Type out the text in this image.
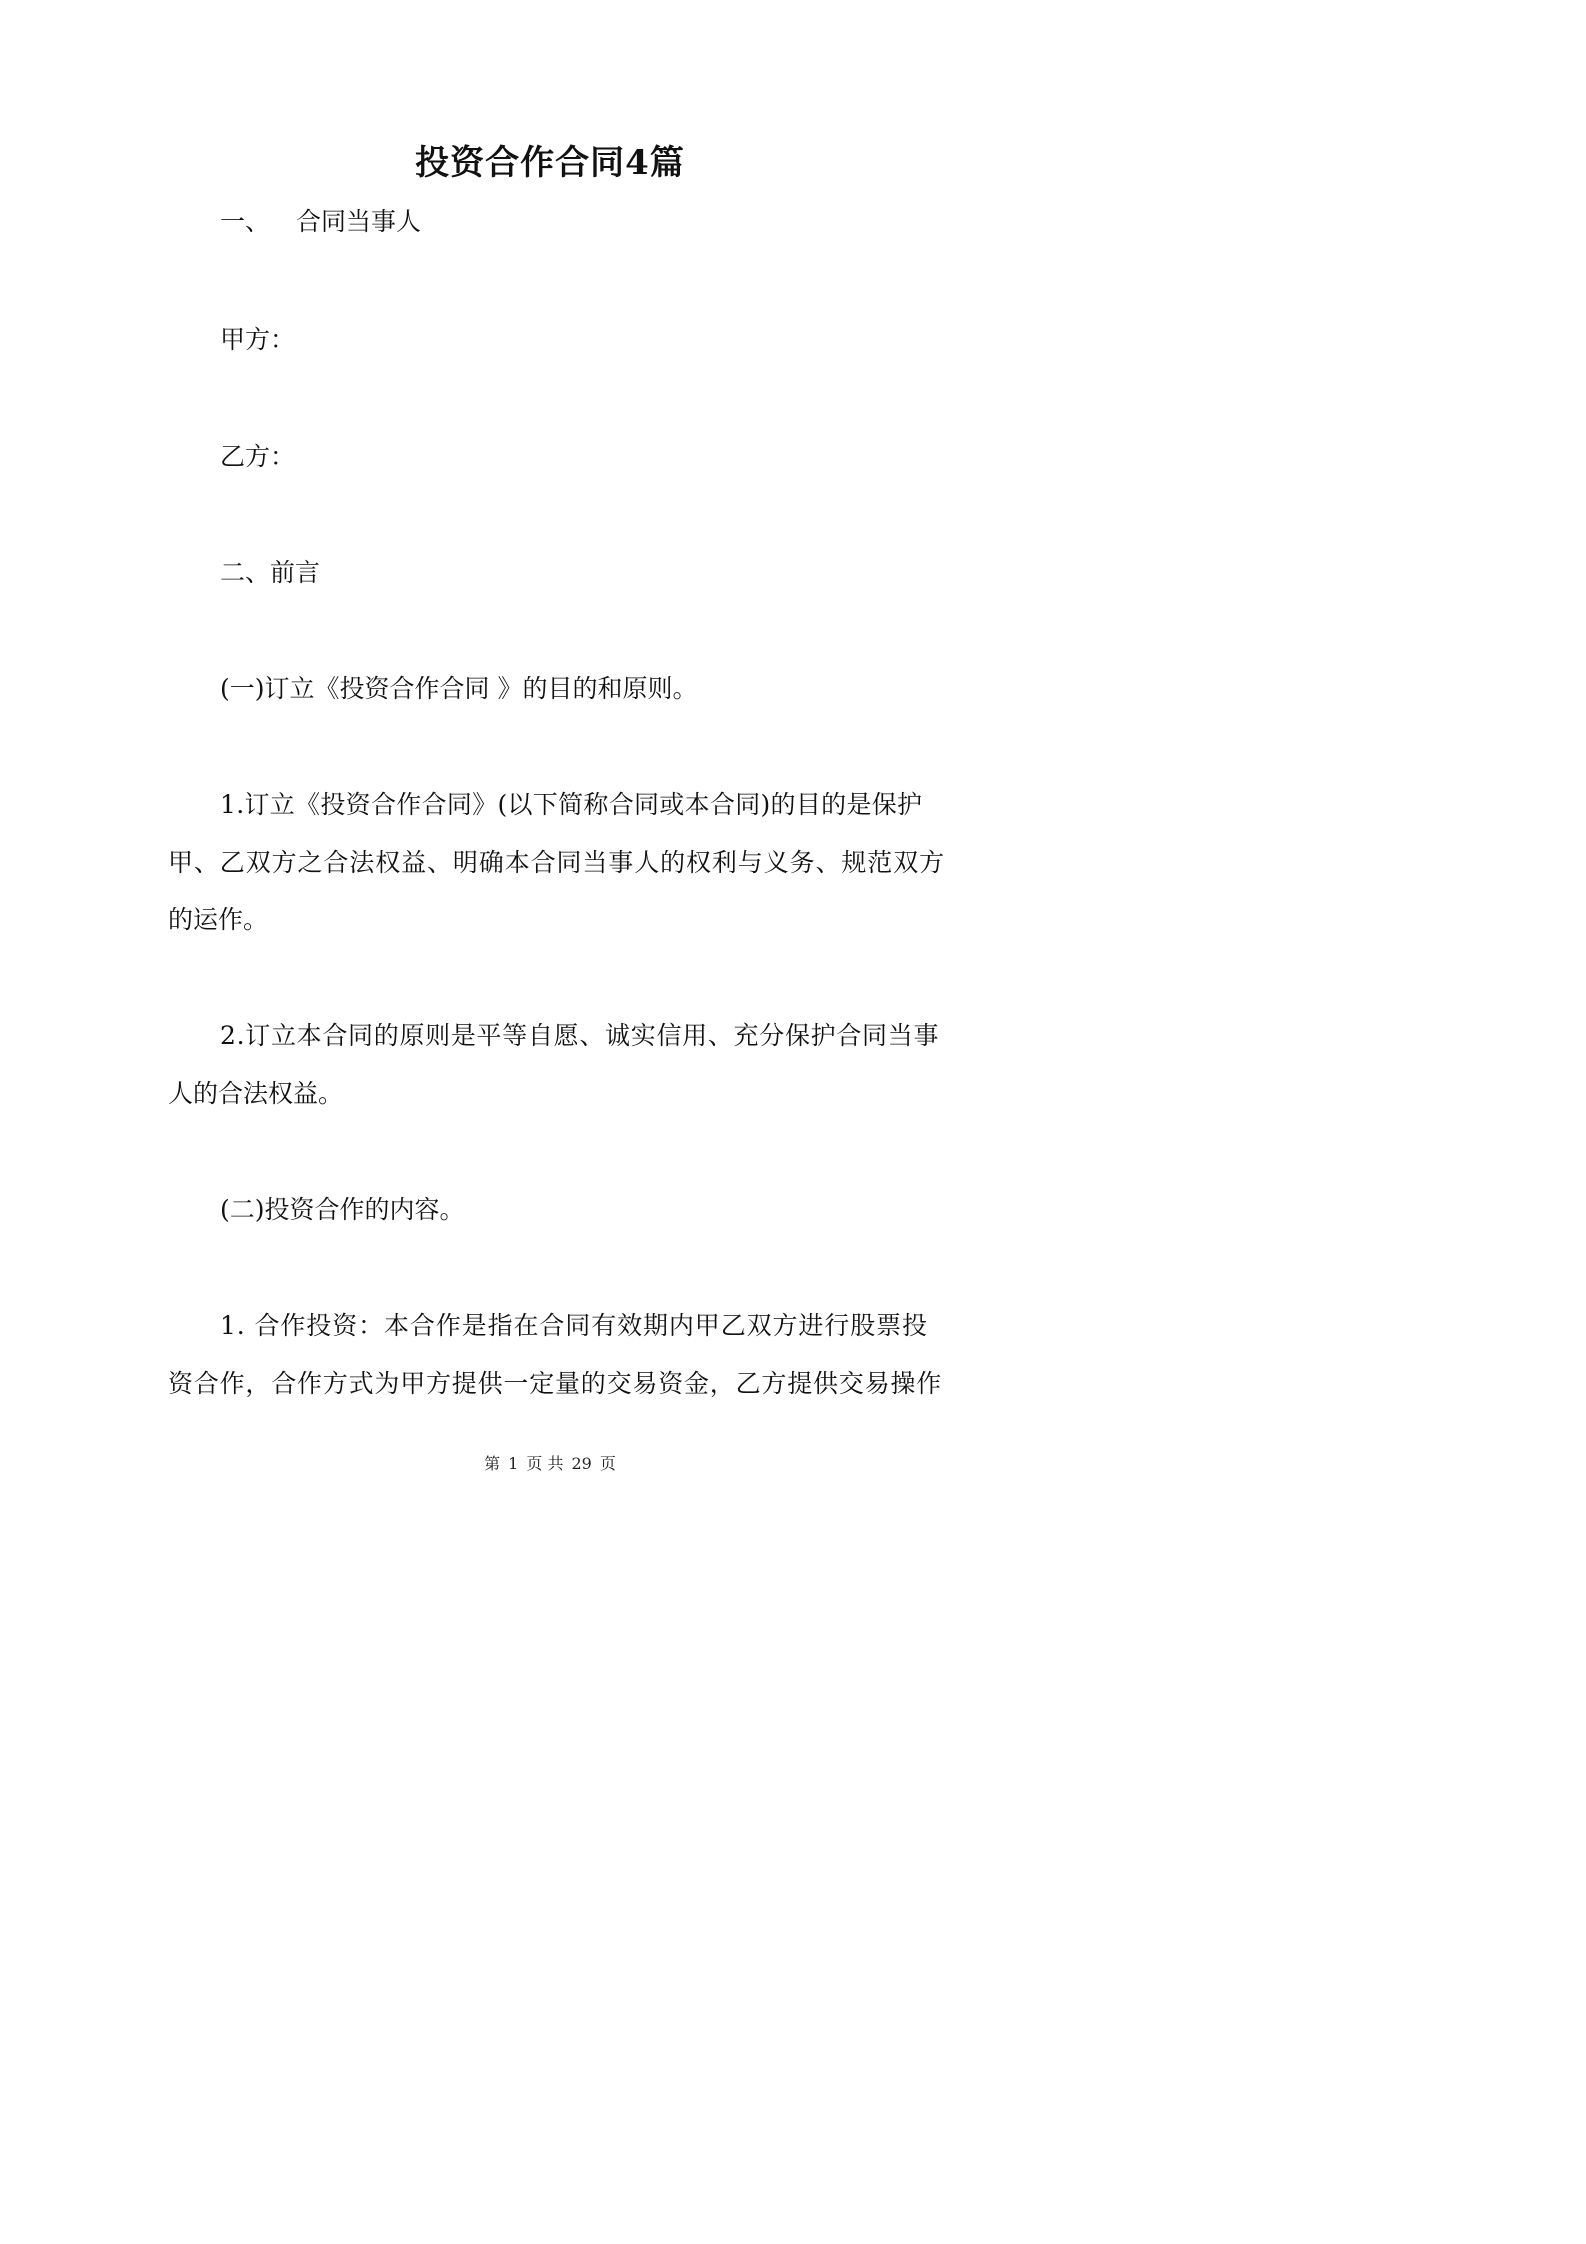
投资合作合同4篇
一、 合同当事人
甲方：
乙方：
二、前言
(一)订立《投资合作合同 》的目的和原则。
1.订立《投资合作合同》(以下简称合同或本合同)的目的是保护
甲、乙双方之合法权益、明确本合同当事人的权利与义务、规范双方
的运作。
2.订立本合同的原则是平等自愿、诚实信用、充分保护合同当事
人的合法权益。
(二)投资合作的内容。
1. 合作投资：本合作是指在合同有效期内甲乙双方进行股票投
资合作，合作方式为甲方提供一定量的交易资金，乙方提供交易操作
第 1 页 共 29 页
